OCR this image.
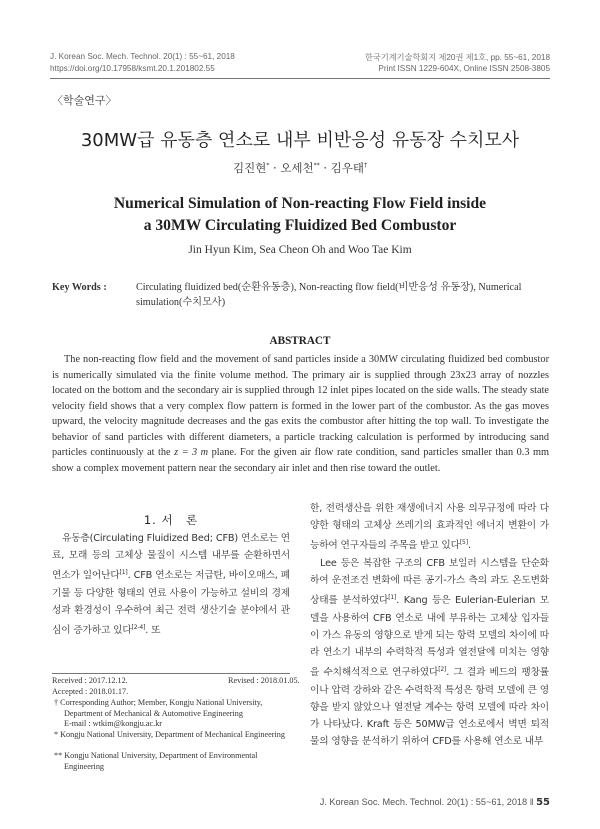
J. Korean Soc. Mech. Technol. 20(1) : 55~61, 2018
https://doi.org/10.17958/ksmt.20.1.201802.55
한국기계기술학회지 제20권 제1호, pp. 55~61, 2018
Print ISSN 1229-604X, Online ISSN 2508-3805
〈학술연구〉
30MW급 유동층 연소로 내부 비반응성 유동장 수치모사
김진현* · 오세천** · 김우태†
Numerical Simulation of Non-reacting Flow Field inside
a 30MW Circulating Fluidized Bed Combustor
Jin Hyun Kim, Sea Cheon Oh and Woo Tae Kim
Key Words :	Circulating fluidized bed(순환유동층), Non-reacting flow field(비반응성 유동장), Numerical simulation(수치모사)
ABSTRACT
The non-reacting flow field and the movement of sand particles inside a 30MW circulating fluidized bed combustor is numerically simulated via the finite volume method. The primary air is supplied through 23x23 array of nozzles located on the bottom and the secondary air is supplied through 12 inlet pipes located on the side walls. The steady state velocity field shows that a very complex flow pattern is formed in the lower part of the combustor. As the gas moves upward, the velocity magnitude decreases and the gas exits the combustor after hitting the top wall. To investigate the behavior of sand particles with different diameters, a particle tracking calculation is performed by introducing sand particles continuously at the z = 3 m plane. For the given air flow rate condition, sand particles smaller than 0.3 mm show a complex movement pattern near the secondary air inlet and then rise toward the outlet.
1. 서　론

유동층(Circulating Fluidized Bed; CFB) 연소로는 연료, 모래 등의 고체상 물질이 시스템 내부를 순환하면서 연소가 일어난다[1]. CFB 연소로는 저급탄, 바이오매스, 폐기물 등 다양한 형태의 연료 사용이 가능하고 설비의 경제성과 환경성이 우수하여 최근 전력 생산기술 분야에서 관심이 증가하고 있다[2-4]. 또

한, 전력생산을 위한 재생에너지 사용 의무규정에 따라 다양한 형태의 고체상 쓰레기의 효과적인 에너지 변환이 가능하여 연구자들의 주목을 받고 있다[5].

Lee 등은 복잡한 구조의 CFB 보일러 시스템을 단순화하여 운전조건 변화에 따른 공기-가스 측의 과도 온도변화 상태를 분석하였다[1]. Kang 등은 Eulerian-Eulerian 모델을 사용하여 CFB 연소로 내에 부유하는 고체상 입자들이 가스 유동의 영향으로 받게 되는 항력 모델의 차이에 따라 연소기 내부의 수력학적 특성과 열전달에 미치는 영향을 수치해석적으로 연구하였다[2]. 그 결과 베드의 팽창률이나 압력 강하와 같은 수력학적 특성은 항력 모델에 큰 영향을 받지 않았으나 열전달 계수는 항력 모델에 따라 차이가 나타났다. Kraft 등은 50MW급 연소로에서 벽면 퇴적물의 영향을 분석하기 위하여 CFD를 사용해 연소로 내부

Received : 2017.12.12.	Revised : 2018.01.05.
Accepted : 2018.01.17.
† Corresponding Author; Member, Kongju National University, Department of Mechanical & Automotive Engineering
E-mail : wtkim@kongju.ac.kr
* Kongju National University, Department of Mechanical Engineering
** Kongju National University, Department of Environmental Engineering
J. Korean Soc. Mech. Technol. 20(1) : 55~61, 2018 ‖ 55
